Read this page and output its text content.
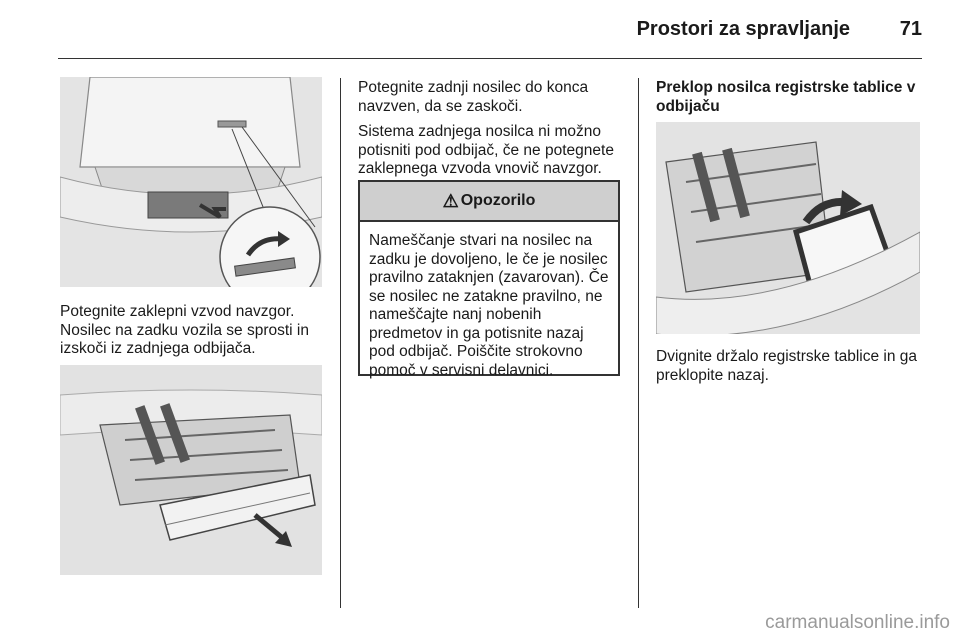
Prostori za spravljanje	71
Potegnite zaklepni vzvod navzgor. Nosilec na zadku vozila se sprosti in izskoči iz zadnjega odbijača.

Potegnite zadnji nosilec do konca navzven, da se zaskoči.

Sistema zadnjega nosilca ni možno potisniti pod odbijač, če ne potegnete zaklepnega vzvoda vnovič navzgor.

⚠ Opozorilo
Nameščanje stvari na nosilec na zadku je dovoljeno, le če je nosilec pravilno zataknjen (zavarovan). Če se nosilec ne zatakne pravilno, ne nameščajte nanj nobenih predmetov in ga potisnite nazaj pod odbijač. Poiščite strokovno pomoč v servisni delavnici.
Preklop nosilca registrske tablice v odbijaču
Dvignite držalo registrske tablice in ga preklopite nazaj.
carmanualsonline.info
